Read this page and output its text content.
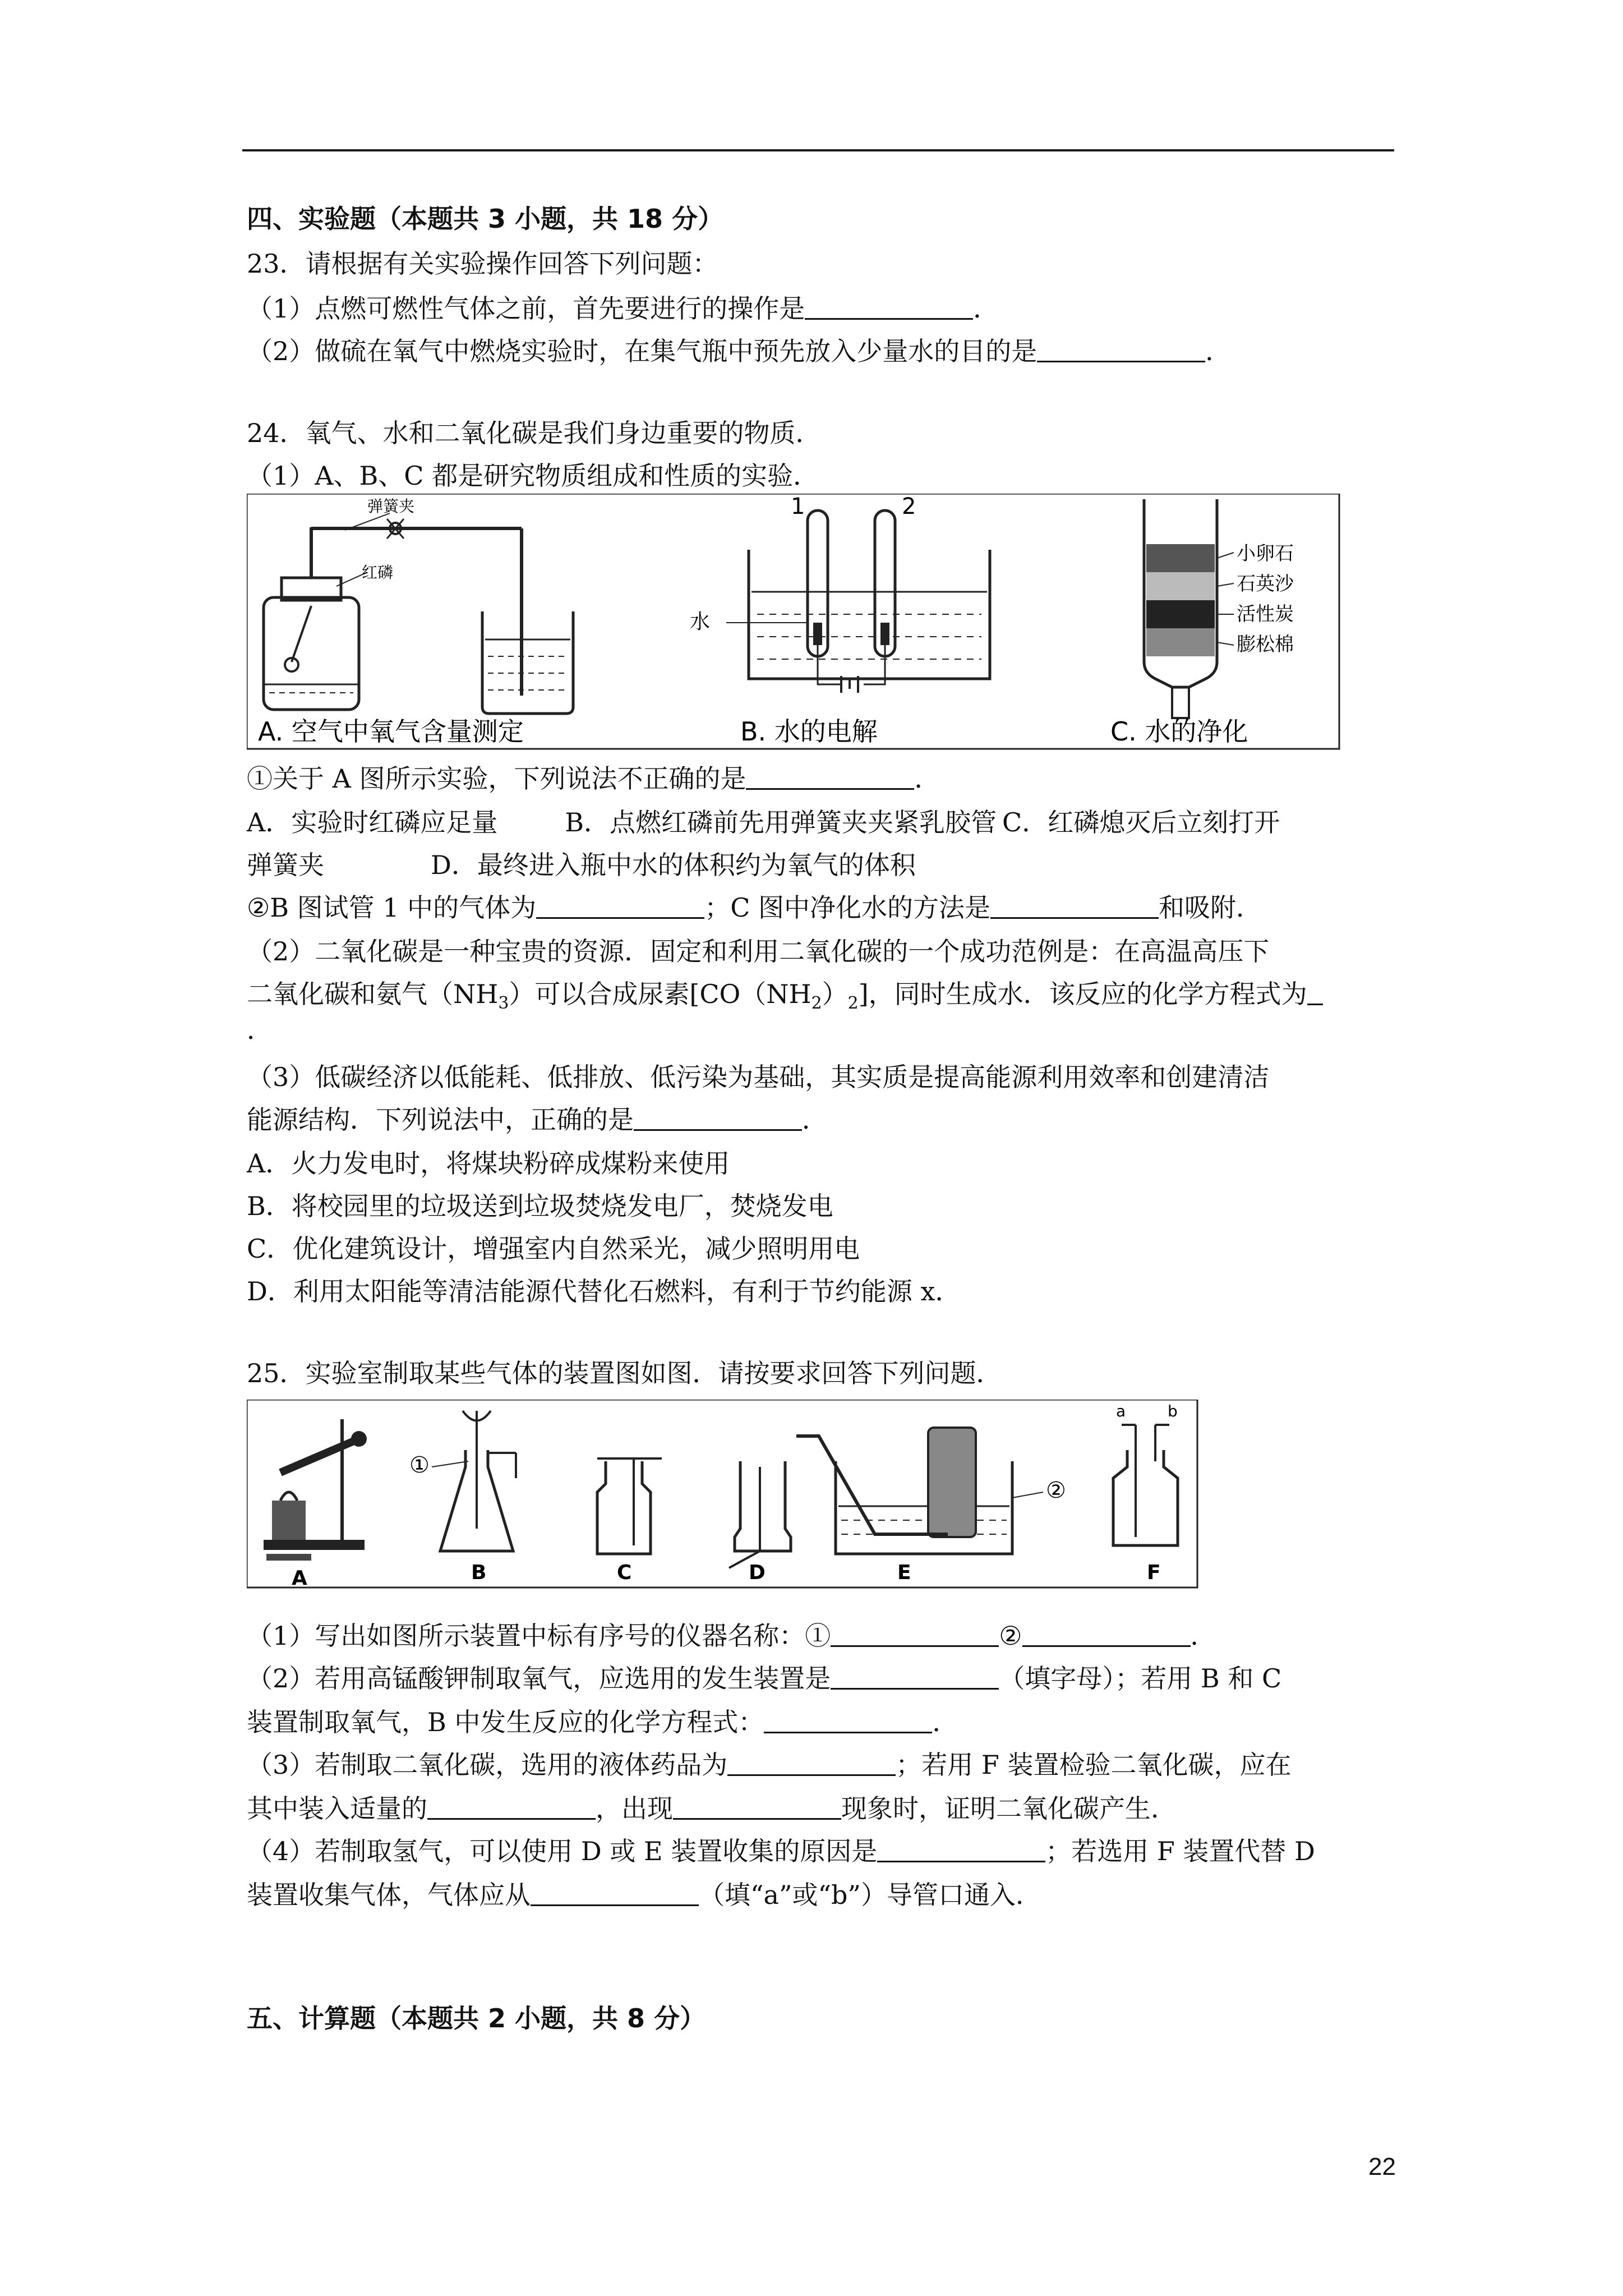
四、实验题（本题共 3 小题，共 18 分）
23．请根据有关实验操作回答下列问题：
（1）点燃可燃性气体之前，首先要进行的操作是	．
（2）做硫在氧气中燃烧实验时，在集气瓶中预先放入少量水的目的是	．
24．氧气、水和二氧化碳是我们身边重要的物质．
（1）A、B、C 都是研究物质组成和性质的实验．
弹簧夹
红磷
A. 空气中氧气含量测定
1	2
水
B. 水的电解
小卵石
石英沙
活性炭
膨松棉
C. 水的净化
①关于 A 图所示实验，下列说法不正确的是	．
A．实验时红磷应足量	B．点燃红磷前先用弹簧夹夹紧乳胶管 C．红磷熄灭后立刻打开
弹簧夹	D．最终进入瓶中水的体积约为氧气的体积
②B 图试管 1 中的气体为	；C 图中净化水的方法是	和吸附．
（2）二氧化碳是一种宝贵的资源．固定和利用二氧化碳的一个成功范例是：在高温高压下
二氧化碳和氨气$(NH_3)$可以合成尿素$[CO(NH_2)_2]$，同时生成水．该反应的化学方程式为
．
（3）低碳经济以低能耗、低排放、低污染为基础，其实质是提高能源利用效率和创建清洁
能源结构．下列说法中，正确的是	．
A．火力发电时，将煤块粉碎成煤粉来使用
B．将校园里的垃圾送到垃圾焚烧发电厂，焚烧发电
C．优化建筑设计，增强室内自然采光，减少照明用电
D．利用太阳能等清洁能源代替化石燃料，有利于节约能源 x．
25．实验室制取某些气体的装置图如图．请按要求回答下列问题．
A
①
B	C	D
②
E
a	b
F
（1）写出如图所示装置中标有序号的仪器名称：①	②	．
（2）若用高锰酸钾制取氧气，应选用的发生装置是	（填字母）；若用 B 和 C
装置制取氧气，B 中发生反应的化学方程式：	．
（3）若制取二氧化碳，选用的液体药品为	；若用 F 装置检验二氧化碳，应在
其中装入适量的	，出现	现象时，证明二氧化碳产生．
（4）若制取氢气，可以使用 D 或 E 装置收集的原因是	；若选用 F 装置代替 D
装置收集气体，气体应从	（填“a”或“b”）导管口通入．
五、计算题（本题共 2 小题，共 8 分）
22
